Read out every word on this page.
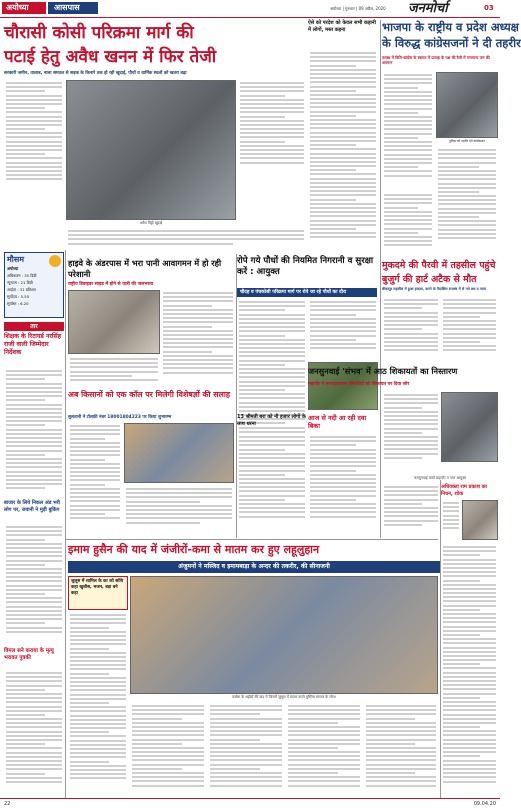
अयोध्या	आसपास	अयोध्या | गुरुवार | 09 अप्रैल, 2020	जनमोर्चा	03
चौरासी कोसी परिक्रमा मार्ग की
पटाई हेतु अवैध खनन में फिर तेजी
सरकारी जमीन, तालाब, नाला समतल से सड़क के किनारे तक हो रही खुदाई, पौधों व धार्मिक स्थलों को खतरा बढ़ा
अवैध मिट्टी खुदाई
मौसम
अयोध्या
अधिकतम : 35 डिग्री
न्यूनतम : 21 डिग्री
आर्द्रता : 31 प्रतिशत
सूर्योदय : 5.55
सूर्यास्त : 6.20
तार
शिक्षक के रिटायर्ड नरसिंह राजी वाली जिम्मेदार निर्देशक
बाजार के लिये निकल अंड भरी लोग पर, जवानी ने मुड़ी बुकिंग
विमल सने कराया के मृत्यु भरावत पुत्रकी
हाइवे के अंडरपास में भरा पानी आवागमन में हो रही परेशानी
राष्ट्रीय डिवाइडर साइड में होने से यात्री की जलभराव
रोपे गये पौधों की नियमित निगरानी व सुरक्षा करें : आयुक्त
चौदह व पंचकोसी परिक्रमा मार्ग पर रोपे जा रहे पौधों का दौरा
अब किसानों को एक कॉल पर मिलेगी विशेषज्ञों की सलाह
सुलतानी ने टोलफ्री नंबर 18001804223 पर किया शुभारम्भ	13 श्रीमती बरा को नौ हजार लोगों के साथ धरना
आज से नदी आ रही दवा बिका
ऐसे को परदेश को केवल सभी कहानी में लोगों, मस्त कहना	भाजपा के राष्ट्रीय व प्रदेश अध्यक्ष
के विरुद्ध कांग्रेसजनों ने दी तहरीर
तलब्ध में विलि-कांग्रेस के स्वागत में प्रत्याह के पक्ष की रैली में गणमान्य जन की अपमान
पुलिस को तहरीर देते कांग्रेसजन
मुकदमे की पैरवी में तहसील पहुंचे
बुजुर्ग की हार्ट अटैक से मौत
बीकापुर तहसील में हुआ हादसा, करने के पैदासिल राजस्व में ले गये शव व पाया
जनसुनवाई 'संभव' में आठ शिकायतों का निस्तारण
महापौर ने मनपाप्रशासन बीमारियों को शिकायत पर दिया जोर
जनसुनवाई करते महापौर व नगर आयुक्त
अधिवक्ता राम प्रकाश का निधन, शोक
इमाम हुसैन की याद में जंजीरों-कमा से मातम कर हुए लहूलुहान
अंजुमनों ने मस्जिद व इमामबाड़ा के अन्दर की तकरीर, की सीनाजनी
जुलूस में शामिल के का को सत्यि कहा खुशीस, भजन, बड़ा बने कहा
कर्बला के शहीदों की याद में जिसमें जुलूस में मातम करते मुस्लिम समाज के लोग।
22	09.04.20
